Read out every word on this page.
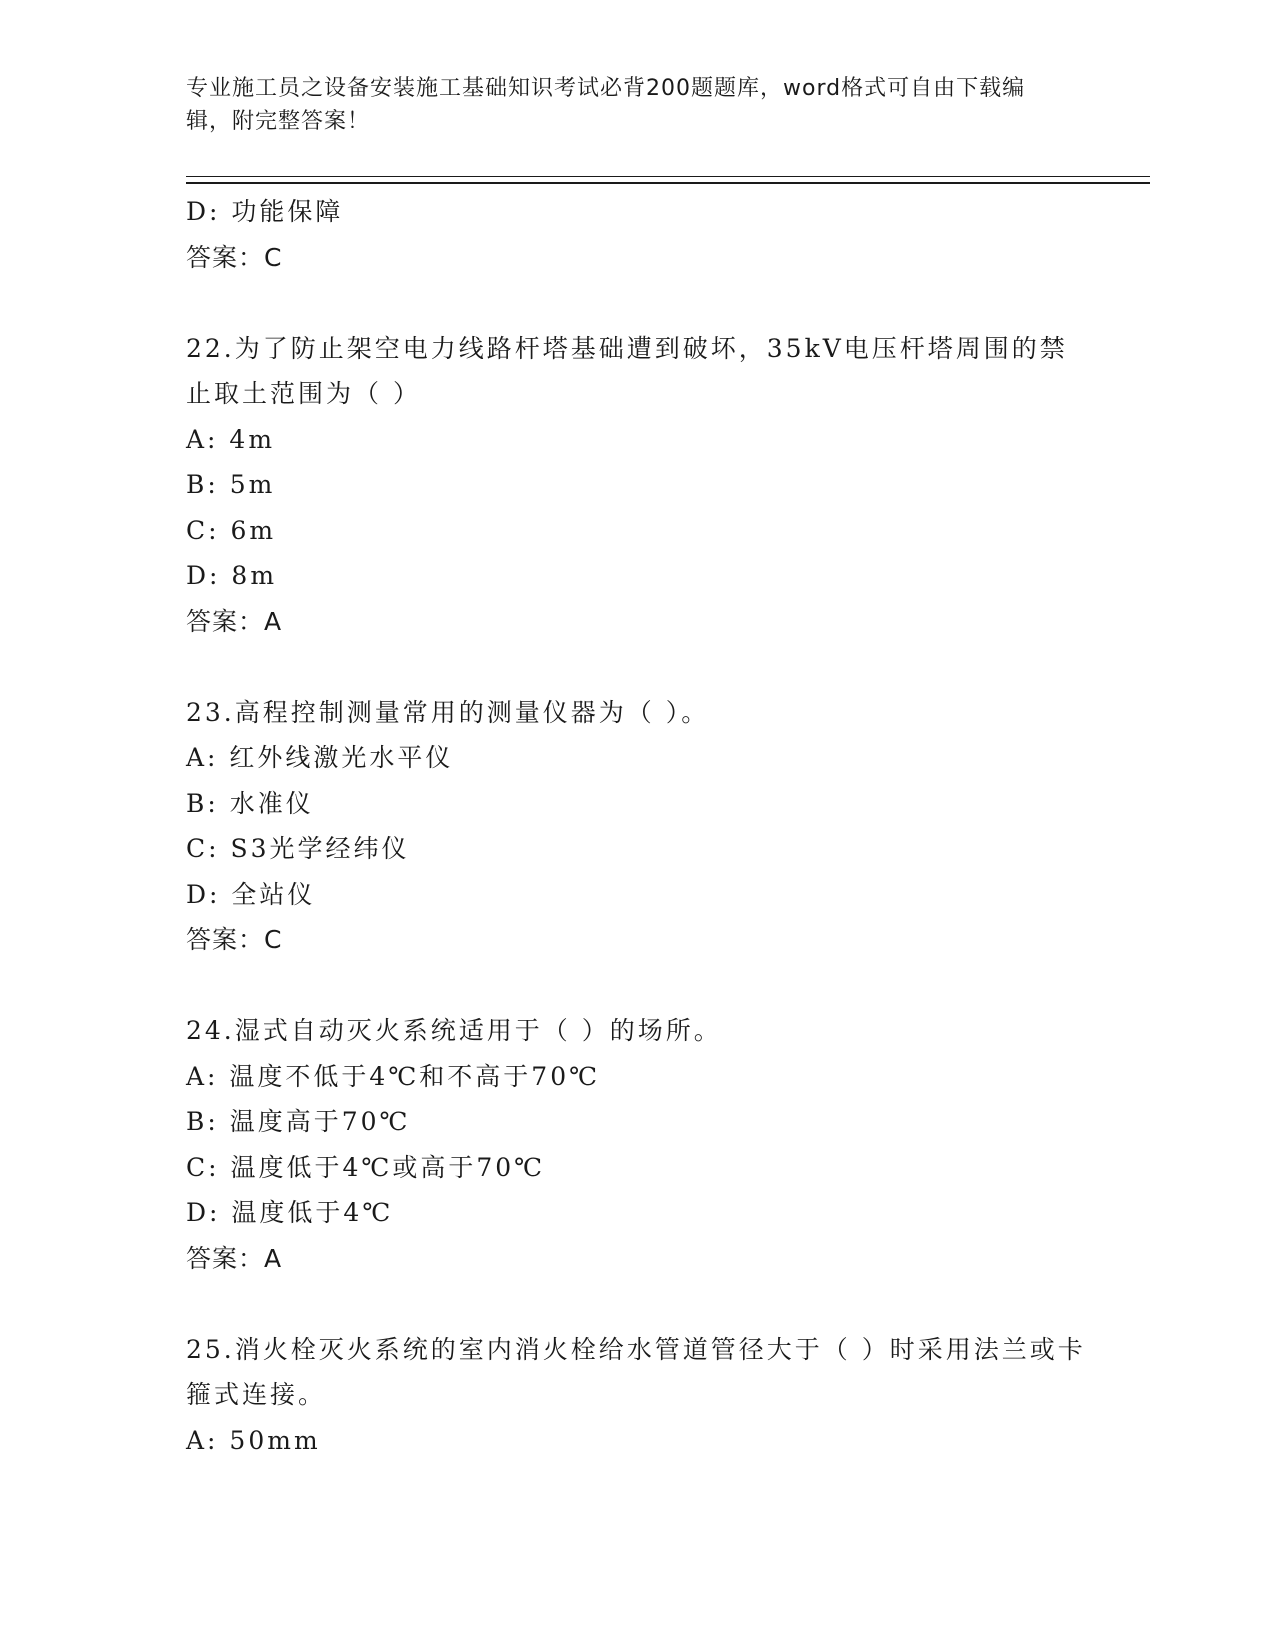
专业施工员之设备安装施工基础知识考试必背200题题库，word格式可自由下载编辑，附完整答案！
D: 功能保障
答案：C
22.为了防止架空电力线路杆塔基础遭到破坏，35kV电压杆塔周围的禁止取土范围为（ ）
A: 4m
B: 5m
C: 6m
D: 8m
答案：A
23.高程控制测量常用的测量仪器为（ ）。
A: 红外线激光水平仪
B: 水准仪
C: S3光学经纬仪
D: 全站仪
答案：C
24.湿式自动灭火系统适用于（ ）的场所。
A: 温度不低于4℃和不高于70℃
B: 温度高于70℃
C: 温度低于4℃或高于70℃
D: 温度低于4℃
答案：A
25.消火栓灭火系统的室内消火栓给水管道管径大于（ ）时采用法兰或卡箍式连接。
A: 50mm
